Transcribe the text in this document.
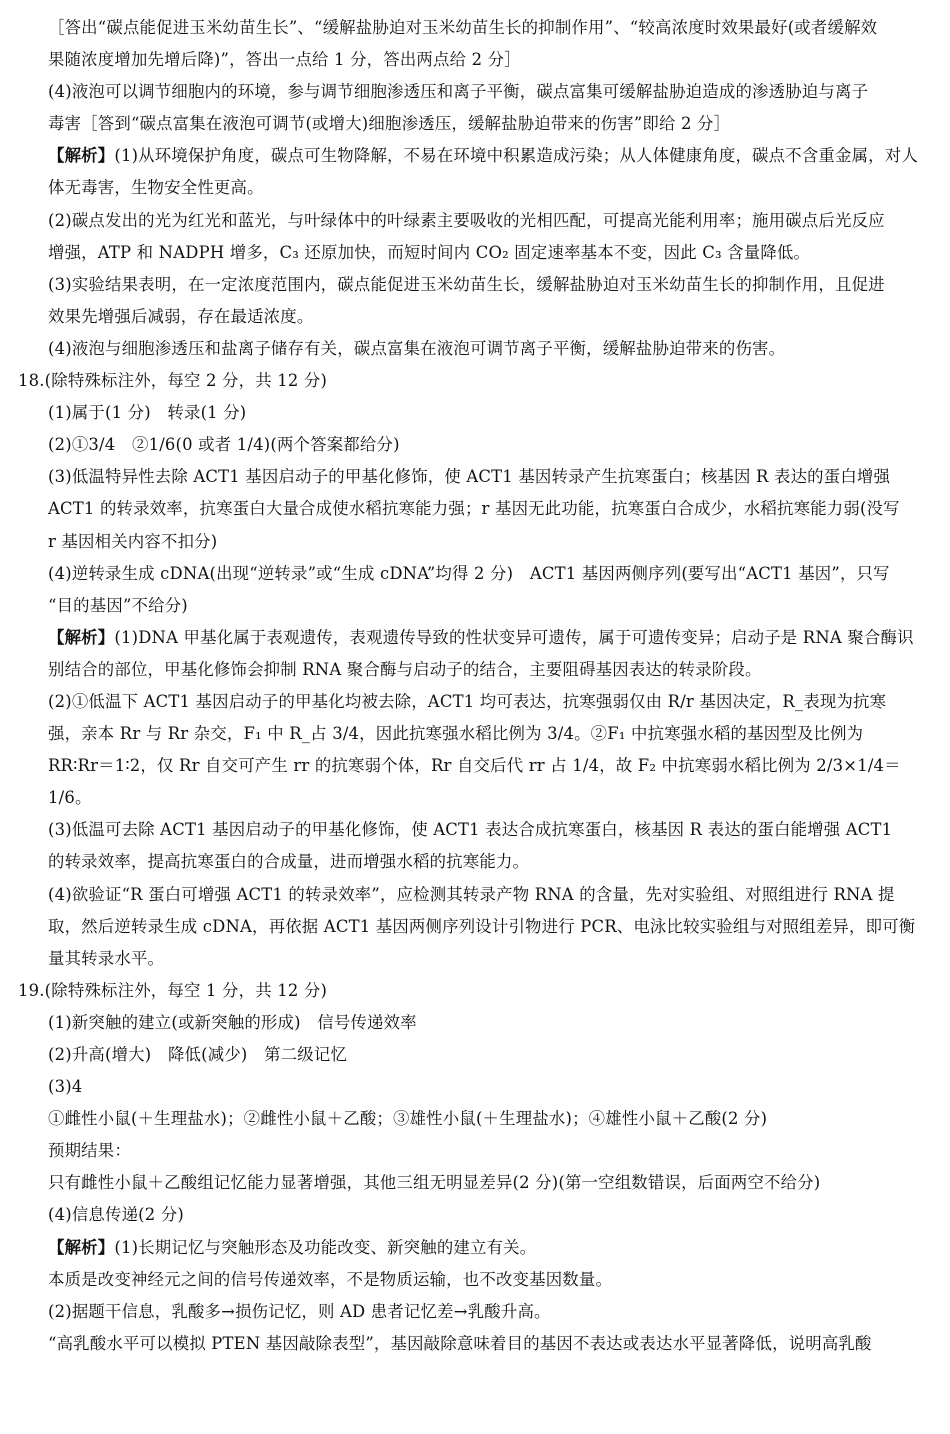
［答出“碳点能促进玉米幼苗生长”、“缓解盐胁迫对玉米幼苗生长的抑制作用”、“较高浓度时效果最好(或者缓解效
果随浓度增加先增后降)”，答出一点给 1 分，答出两点给 2 分］
(4)液泡可以调节细胞内的环境，参与调节细胞渗透压和离子平衡，碳点富集可缓解盐胁迫造成的渗透胁迫与离子
毒害［答到“碳点富集在液泡可调节(或增大)细胞渗透压，缓解盐胁迫带来的伤害”即给 2 分］
【解析】(1)从环境保护角度，碳点可生物降解，不易在环境中积累造成污染；从人体健康角度，碳点不含重金属，对人
体无毒害，生物安全性更高。
(2)碳点发出的光为红光和蓝光，与叶绿体中的叶绿素主要吸收的光相匹配，可提高光能利用率；施用碳点后光反应
增强，ATP 和 NADPH 增多，C₃ 还原加快，而短时间内 CO₂ 固定速率基本不变，因此 C₃ 含量降低。
(3)实验结果表明，在一定浓度范围内，碳点能促进玉米幼苗生长，缓解盐胁迫对玉米幼苗生长的抑制作用，且促进
效果先增强后减弱，存在最适浓度。
(4)液泡与细胞渗透压和盐离子储存有关，碳点富集在液泡可调节离子平衡，缓解盐胁迫带来的伤害。
18.(除特殊标注外，每空 2 分，共 12 分)
(1)属于(1 分)　转录(1 分)
(2)①3/4　②1/6(0 或者 1/4)(两个答案都给分)
(3)低温特异性去除 ACT1 基因启动子的甲基化修饰，使 ACT1 基因转录产生抗寒蛋白；核基因 R 表达的蛋白增强
ACT1 的转录效率，抗寒蛋白大量合成使水稻抗寒能力强；r 基因无此功能，抗寒蛋白合成少，水稻抗寒能力弱(没写
r 基因相关内容不扣分)
(4)逆转录生成 cDNA(出现“逆转录”或“生成 cDNA”均得 2 分)　ACT1 基因两侧序列(要写出“ACT1 基因”，只写
“目的基因”不给分)
【解析】(1)DNA 甲基化属于表观遗传，表观遗传导致的性状变异可遗传，属于可遗传变异；启动子是 RNA 聚合酶识
别结合的部位，甲基化修饰会抑制 RNA 聚合酶与启动子的结合，主要阻碍基因表达的转录阶段。
(2)①低温下 ACT1 基因启动子的甲基化均被去除，ACT1 均可表达，抗寒强弱仅由 R/r 基因决定，R_表现为抗寒
强，亲本 Rr 与 Rr 杂交，F₁ 中 R_占 3/4，因此抗寒强水稻比例为 3/4。②F₁ 中抗寒强水稻的基因型及比例为
RR∶Rr＝1∶2，仅 Rr 自交可产生 rr 的抗寒弱个体，Rr 自交后代 rr 占 1/4，故 F₂ 中抗寒弱水稻比例为 2/3×1/4＝
1/6。
(3)低温可去除 ACT1 基因启动子的甲基化修饰，使 ACT1 表达合成抗寒蛋白，核基因 R 表达的蛋白能增强 ACT1
的转录效率，提高抗寒蛋白的合成量，进而增强水稻的抗寒能力。
(4)欲验证“R 蛋白可增强 ACT1 的转录效率”，应检测其转录产物 RNA 的含量，先对实验组、对照组进行 RNA 提
取，然后逆转录生成 cDNA，再依据 ACT1 基因两侧序列设计引物进行 PCR、电泳比较实验组与对照组差异，即可衡
量其转录水平。
19.(除特殊标注外，每空 1 分，共 12 分)
(1)新突触的建立(或新突触的形成)　信号传递效率
(2)升高(增大)　降低(减少)　第二级记忆
(3)4
①雌性小鼠(＋生理盐水)；②雌性小鼠＋乙酸；③雄性小鼠(＋生理盐水)；④雄性小鼠＋乙酸(2 分)
预期结果：
只有雌性小鼠＋乙酸组记忆能力显著增强，其他三组无明显差异(2 分)(第一空组数错误，后面两空不给分)
(4)信息传递(2 分)
【解析】(1)长期记忆与突触形态及功能改变、新突触的建立有关。
本质是改变神经元之间的信号传递效率，不是物质运输，也不改变基因数量。
(2)据题干信息，乳酸多→损伤记忆，则 AD 患者记忆差→乳酸升高。
“高乳酸水平可以模拟 PTEN 基因敲除表型”，基因敲除意味着目的基因不表达或表达水平显著降低，说明高乳酸
